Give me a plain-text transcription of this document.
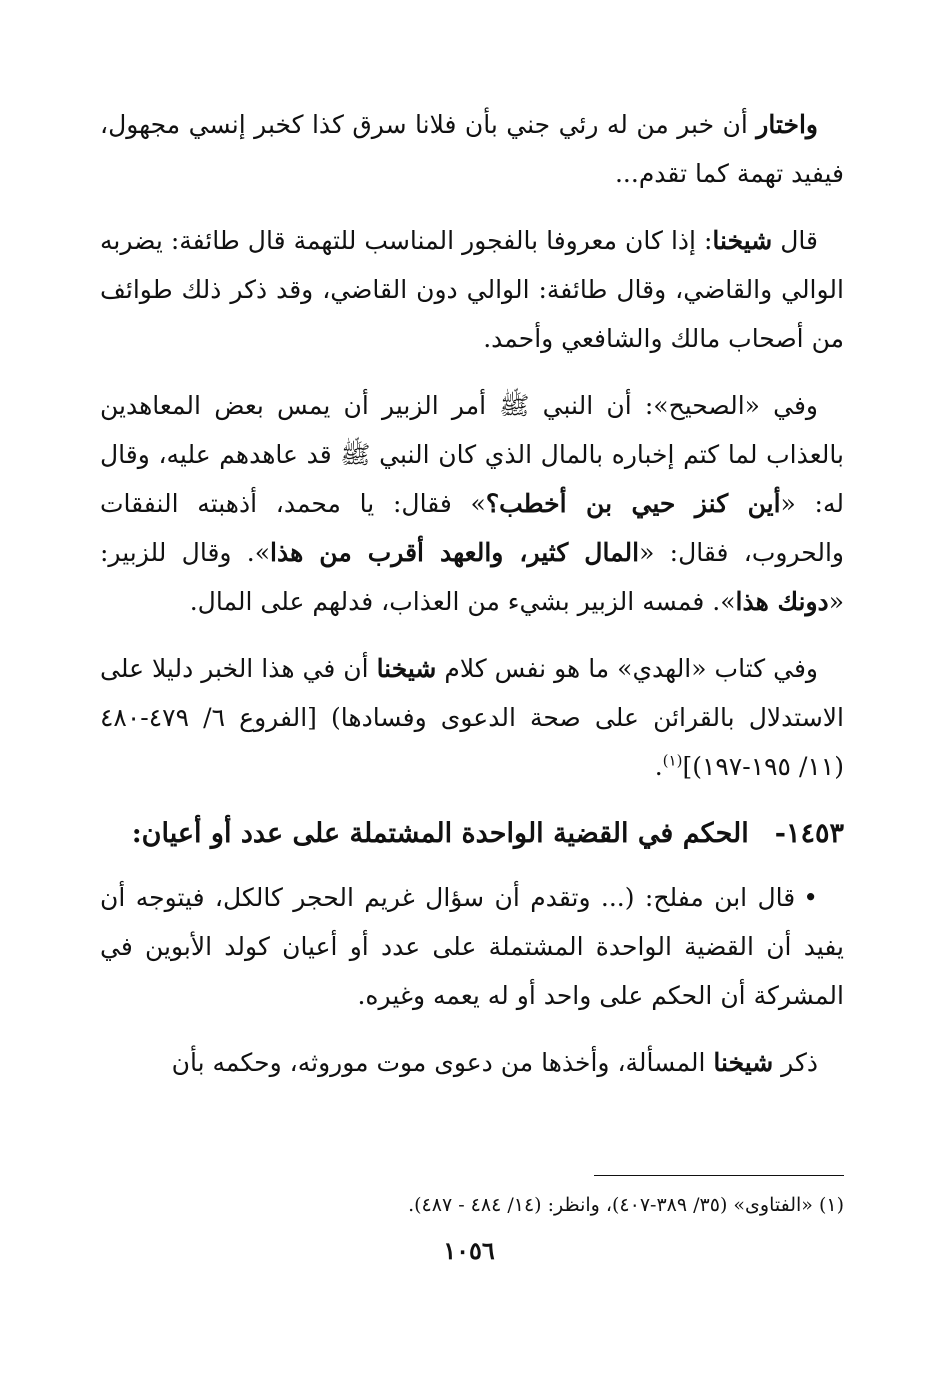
واختار أن خبر من له رئي جني بأن فلانا سرق كذا كخبر إنسي مجهول، فيفيد تهمة كما تقدم...

قال شيخنا: إذا كان معروفا بالفجور المناسب للتهمة قال طائفة: يضربه الوالي والقاضي، وقال طائفة: الوالي دون القاضي، وقد ذكر ذلك طوائف من أصحاب مالك والشافعي وأحمد.

وفي «الصحيح»: أن النبي ﷺ أمر الزبير أن يمس بعض المعاهدين بالعذاب لما كتم إخباره بالمال الذي كان النبي ﷺ قد عاهدهم عليه، وقال له: «أين كنز حيي بن أخطب؟» فقال: يا محمد، أذهبته النفقات والحروب، فقال: «المال كثير، والعهد أقرب من هذا». وقال للزبير: «دونك هذا». فمسه الزبير بشيء من العذاب، فدلهم على المال.

وفي كتاب «الهدي» ما هو نفس كلام شيخنا أن في هذا الخبر دليلا على الاستدلال بالقرائن على صحة الدعوى وفسادها) [الفروع ٦/ ٤٧٩-٤٨٠ (١١/ ١٩٥-١٩٧)]$^{(١)}$.

١٤٥٣-الحكم في القضية الواحدة المشتملة على عدد أو أعيان:

•قال ابن مفلح: (... وتقدم أن سؤال غريم الحجر كالكل، فيتوجه أن يفيد أن القضية الواحدة المشتملة على عدد أو أعيان كولد الأبوين في المشركة أن الحكم على واحد أو له يعمه وغيره.

ذكر شيخنا المسألة، وأخذها من دعوى موت موروثه، وحكمه بأن

(١) «الفتاوى» (٣٥/ ٣٨٩-٤٠٧)، وانظر: (١٤/ ٤٨٤ - ٤٨٧).
١٠٥٦
